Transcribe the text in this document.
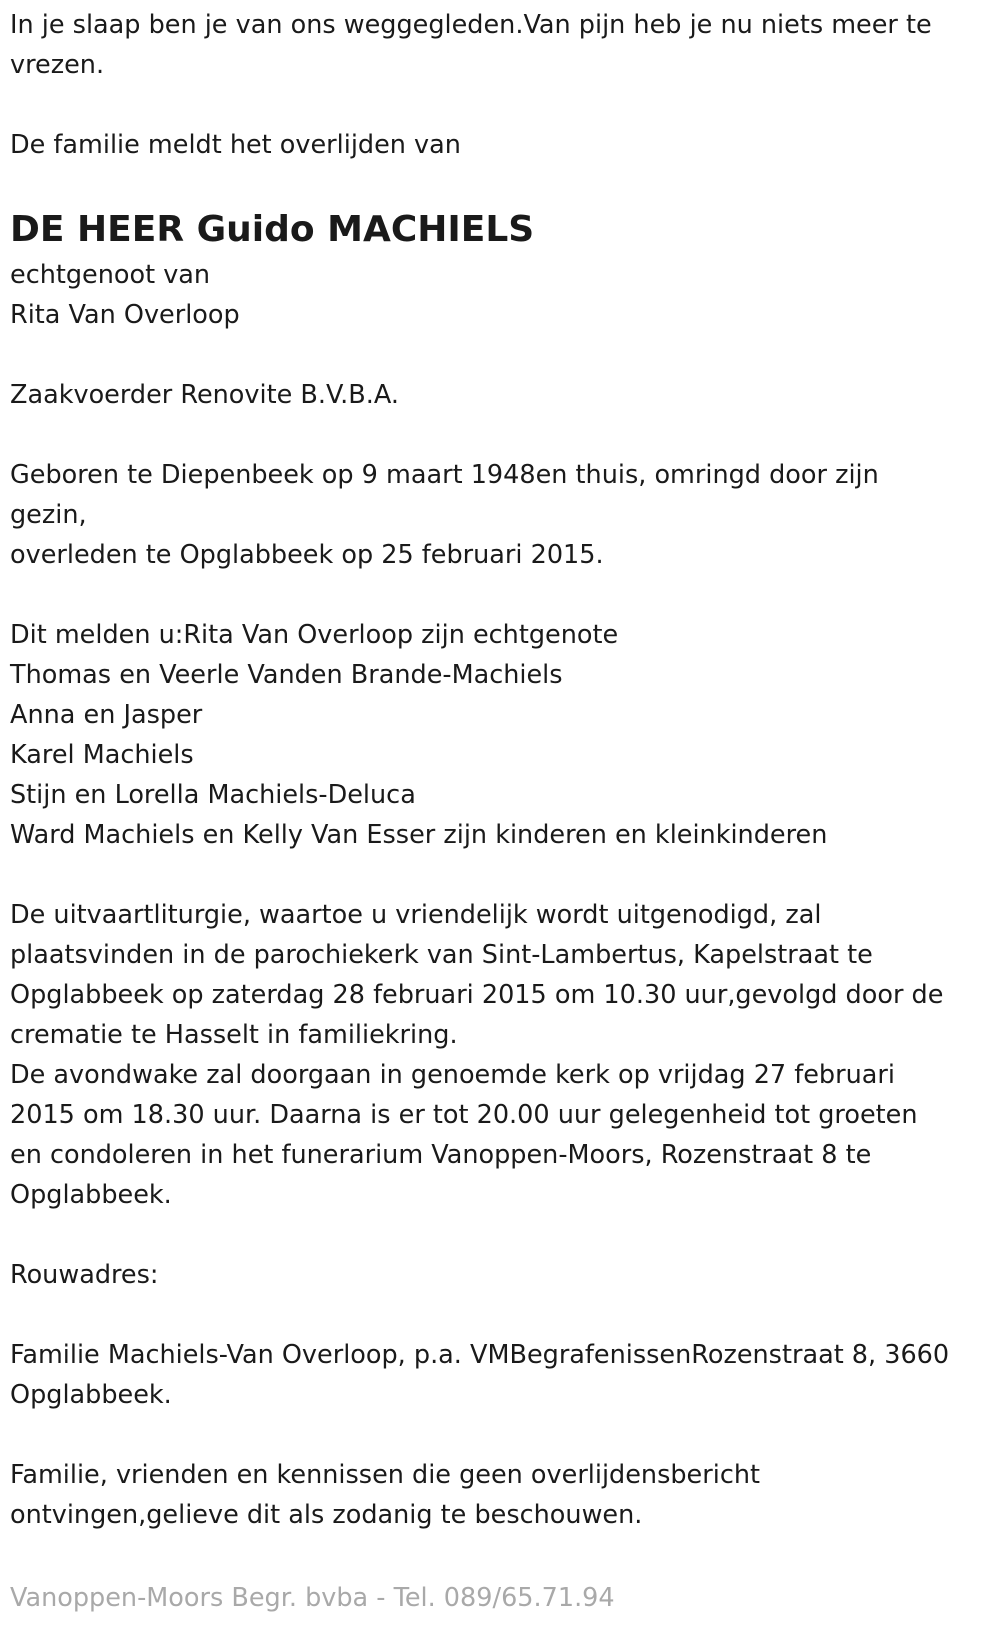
In je slaap ben je van ons weggegleden.Van pijn heb je nu niets meer te

vrezen.

De familie meldt het overlijden van

DE HEER Guido MACHIELS

echtgenoot van

Rita Van Overloop

Zaakvoerder Renovite B.V.B.A.

Geboren te Diepenbeek op 9 maart 1948en thuis, omringd door zijn

gezin,

overleden te Opglabbeek op 25 februari 2015.

Dit melden u:Rita Van Overloop zijn echtgenote

Thomas en Veerle Vanden Brande-Machiels

Anna en Jasper

Karel Machiels

Stijn en Lorella Machiels-Deluca

Ward Machiels en Kelly Van Esser zijn kinderen en kleinkinderen

De uitvaartliturgie, waartoe u vriendelijk wordt uitgenodigd, zal

plaatsvinden in de parochiekerk van Sint-Lambertus, Kapelstraat te

Opglabbeek op zaterdag 28 februari 2015 om 10.30 uur,gevolgd door de

crematie te Hasselt in familiekring.

De avondwake zal doorgaan in genoemde kerk op vrijdag 27 februari

2015 om 18.30 uur. Daarna is er tot 20.00 uur gelegenheid tot groeten

en condoleren in het funerarium Vanoppen-Moors, Rozenstraat 8 te

Opglabbeek.

Rouwadres:

Familie Machiels-Van Overloop, p.a. VMBegrafenissenRozenstraat 8, 3660

Opglabbeek.

Familie, vrienden en kennissen die geen overlijdensbericht

ontvingen,gelieve dit als zodanig te beschouwen.

Vanoppen-Moors Begr. bvba - Tel. 089/65.71.94
